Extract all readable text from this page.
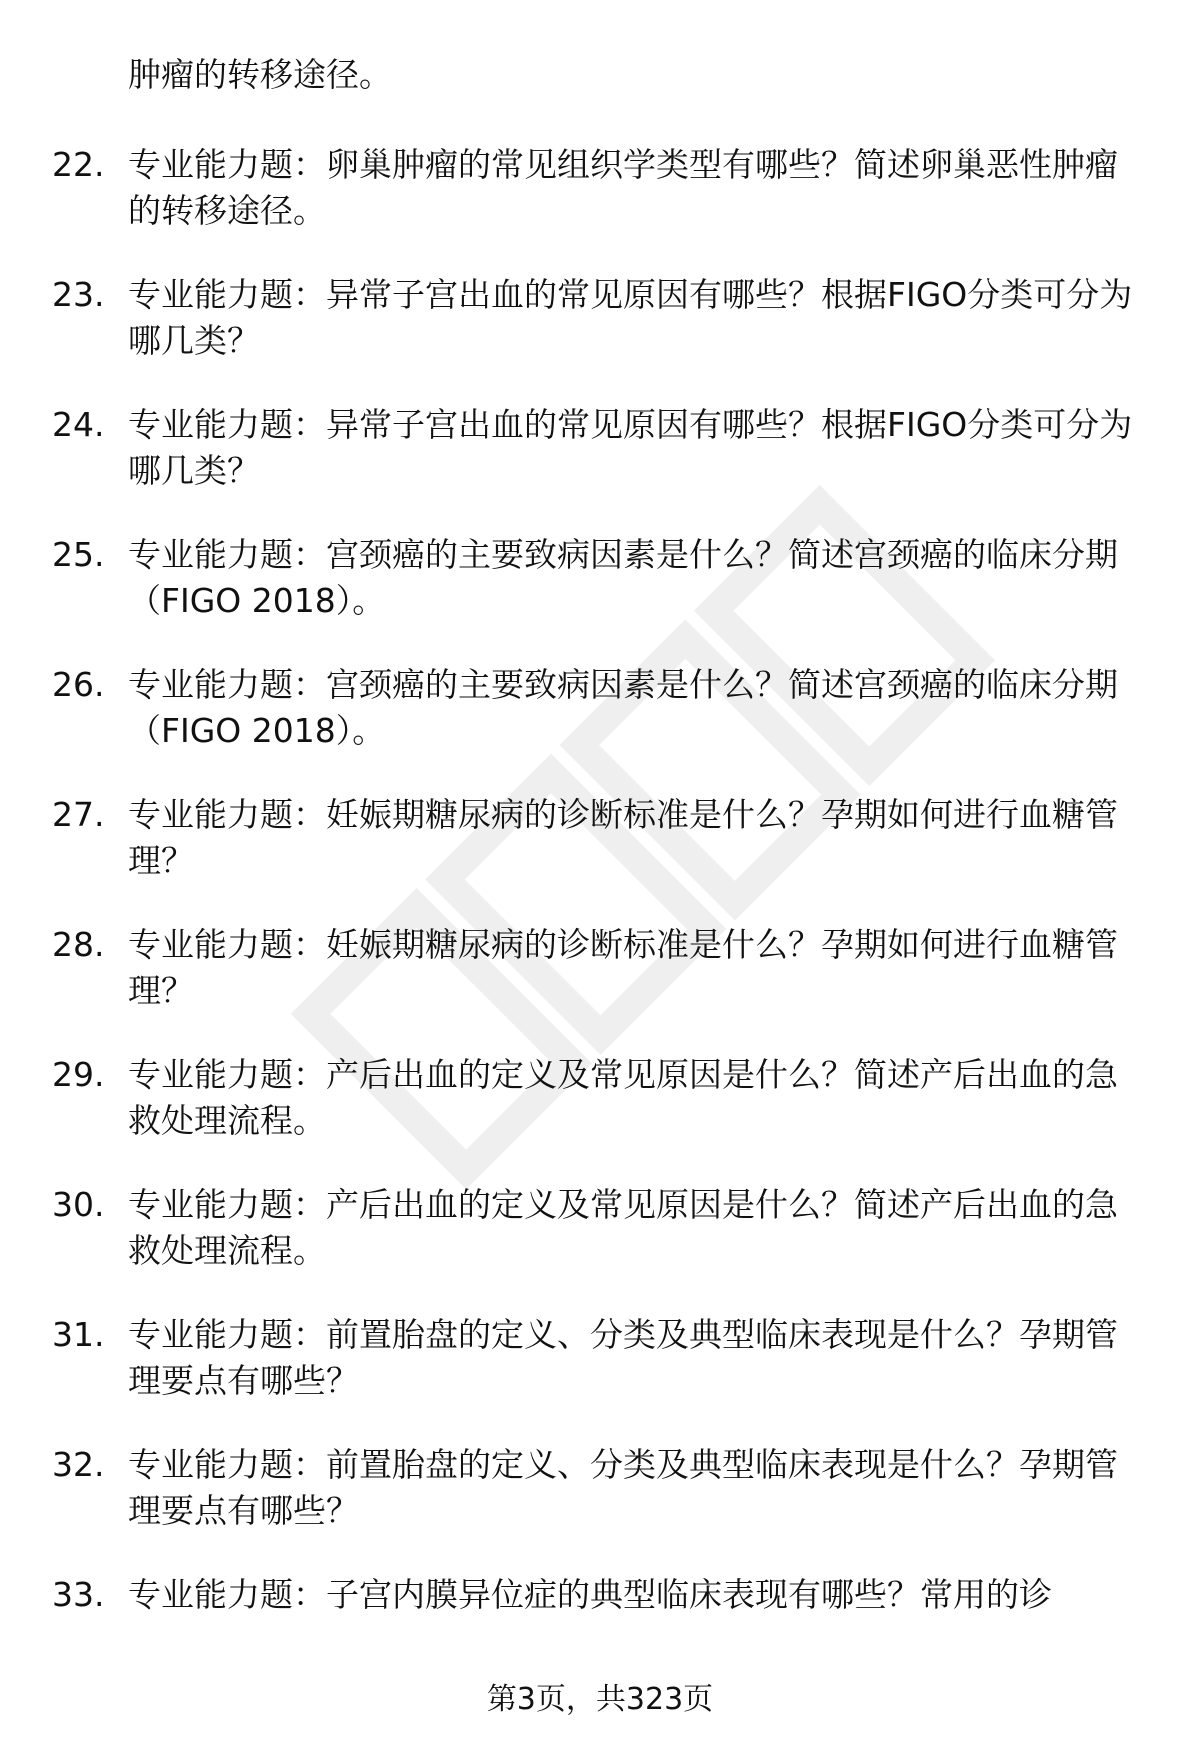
肿瘤的转移途径。

22. 专业能力题：卵巢肿瘤的常见组织学类型有哪些？简述卵巢恶性肿瘤的转移途径。
23. 专业能力题：异常子宫出血的常见原因有哪些？根据FIGO分类可分为哪几类？
24. 专业能力题：异常子宫出血的常见原因有哪些？根据FIGO分类可分为哪几类？
25. 专业能力题：宫颈癌的主要致病因素是什么？简述宫颈癌的临床分期（FIGO 2018）。
26. 专业能力题：宫颈癌的主要致病因素是什么？简述宫颈癌的临床分期（FIGO 2018）。
27. 专业能力题：妊娠期糖尿病的诊断标准是什么？孕期如何进行血糖管理？
28. 专业能力题：妊娠期糖尿病的诊断标准是什么？孕期如何进行血糖管理？
29. 专业能力题：产后出血的定义及常见原因是什么？简述产后出血的急救处理流程。
30. 专业能力题：产后出血的定义及常见原因是什么？简述产后出血的急救处理流程。
31. 专业能力题：前置胎盘的定义、分类及典型临床表现是什么？孕期管理要点有哪些？
32. 专业能力题：前置胎盘的定义、分类及典型临床表现是什么？孕期管理要点有哪些？
33. 专业能力题：子宫内膜异位症的典型临床表现有哪些？常用的诊
第3页，共323页
